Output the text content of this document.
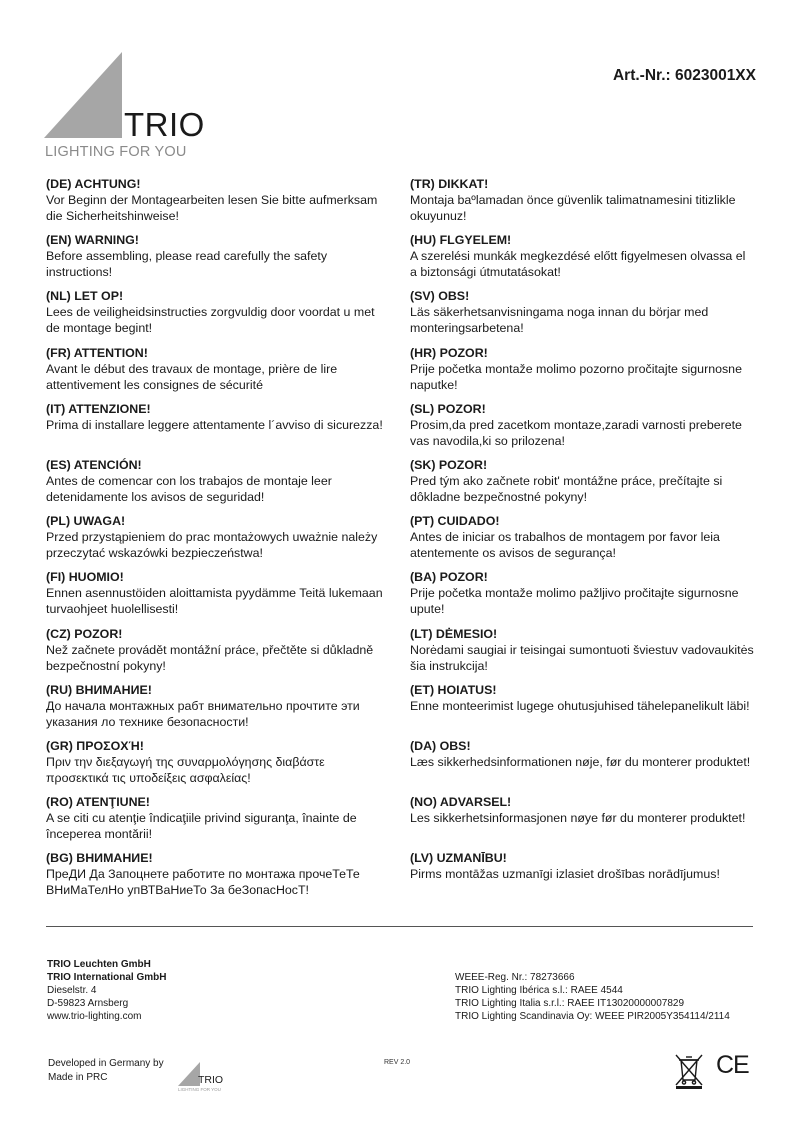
TRIO
LIGHTING FOR YOU
Art.-Nr.: 6023001XX
(DE) ACHTUNG!
Vor Beginn der Montagearbeiten lesen Sie bitte aufmerksam die Sicherheitshinweise!
(EN) WARNING!
Before assembling, please read carefully the safety instructions!
(NL) LET OP!
Lees de veiligheidsinstructies zorgvuldig door voordat u met de montage begint!
(FR) ATTENTION!
Avant le début des travaux de montage, prière de lire attentivement les consignes de sécurité
(IT) ATTENZIONE!
Prima di installare leggere attentamente l´avviso di sicurezza!
(ES) ATENCIÓN!
Antes de comencar con los trabajos de montaje leer detenidamente los avisos de seguridad!
(PL) UWAGA!
Przed przystąpieniem do prac montażowych uważnie należy przeczytać wskazówki bezpieczeństwa!
(FI) HUOMIO!
Ennen asennustöiden aloittamista pyydämme Teitä lukemaan turvaohjeet huolellisesti!
(CZ) POZOR!
Než začnete provádět montážní práce, přečtěte si důkladně bezpečnostní pokyny!
(RU) ВНИМАНИЕ!
До начала монтажных рабт внимательно прочтите эти указания ло технике безопасности!
(GR) ΠΡΟΣΟΧΉ!
Πριν την διεξαγωγή της συναρμολόγησης διαβάστε προσεκτικά τις υποδείξεις ασφαλείας!
(RO) ATENŢIUNE!
A se citi cu atenţie îndicaţiile privind siguranţa, înainte de începerea montării!
(BG) ВНИМАНИЕ!
ПреДИ Да Запоцнете работите по монтажа прочеТеТе ВНиМаТелНо упВТВаНиеТо За беЗопасНосТ!
(TR) DIKKAT!
Montaja baºlamadan önce güvenlik talimatnamesini titizlikle okuyunuz!
(HU) FLGYELEM!
A szerelési munkák megkezdésé előtt figyelmesen olvassa el a biztonsági útmutatásokat!
(SV) OBS!
Läs säkerhetsanvisningama noga innan du börjar med monteringsarbetena!
(HR) POZOR!
Prije početka montaže molimo pozorno pročitajte sigurnosne naputke!
(SL) POZOR!
Prosim,da pred zacetkom montaze,zaradi varnosti preberete vas navodila,ki so prilozena!
(SK) POZOR!
Pred tým ako začnete robit' montážne práce, prečítajte si dôkladne bezpečnostné pokyny!
(PT) CUIDADO!
Antes de iniciar os trabalhos de montagem por favor leia atentemente os avisos de segurança!
(BA) POZOR!
Prije početka montaže molimo pažljivo pročitajte sigurnosne upute!
(LT) DĖMESIO!
Norėdami saugiai ir teisingai sumontuoti šviestuv vadovaukitės šia instrukcija!
(ET) HOIATUS!
Enne monteerimist lugege ohutusjuhised tähelepanelikult läbi!
(DA) OBS!
Læs sikkerhedsinformationen nøje, før du monterer produktet!
(NO) ADVARSEL!
Les sikkerhetsinformasjonen nøye før du monterer produktet!
(LV) UZMANĪBU!
Pirms montāžas uzmanīgi izlasiet drošības norādījumus!
TRIO Leuchten GmbH
TRIO International GmbH
Dieselstr. 4
D-59823 Arnsberg
www.trio-lighting.com
WEEE-Reg. Nr.: 78273666
TRIO Lighting Ibérica s.l.: RAEE 4544
TRIO Lighting Italia s.r.l.: RAEE IT13020000007829
TRIO Lighting Scandinavia Oy: WEEE PIR2005Y354114/2114
Developed in Germany by
Made in PRC	TRIO
LIGHTING FOR YOU
REV 2.0	CE
